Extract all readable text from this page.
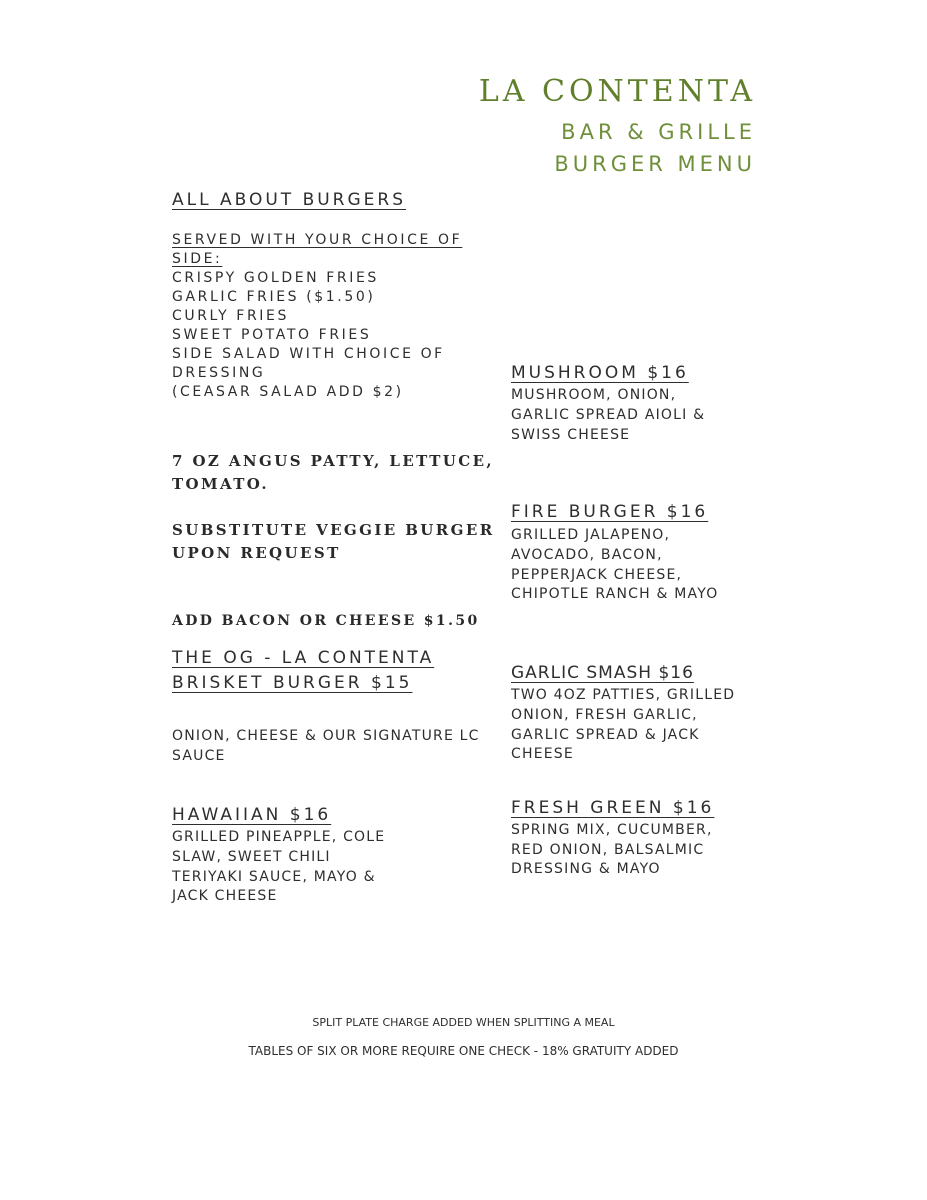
LA CONTENTA
BAR & GRILLE
BURGER MENU
ALL ABOUT BURGERS
SERVED WITH YOUR CHOICE OF
SIDE:
CRISPY GOLDEN FRIES
GARLIC FRIES ($1.50)
CURLY FRIES
SWEET POTATO FRIES
SIDE SALAD WITH CHOICE OF
DRESSING
(CEASAR SALAD ADD $2)
7 OZ ANGUS PATTY, LETTUCE,
TOMATO.
SUBSTITUTE VEGGIE BURGER
UPON REQUEST
ADD BACON OR CHEESE $1.50
THE OG - LA CONTENTA
BRISKET BURGER $15
ONION, CHEESE & OUR SIGNATURE LC
SAUCE
HAWAIIAN $16
GRILLED PINEAPPLE, COLE
SLAW, SWEET CHILI
TERIYAKI SAUCE, MAYO &
JACK CHEESE
MUSHROOM $16
MUSHROOM, ONION,
GARLIC SPREAD AIOLI &
SWISS CHEESE
FIRE BURGER $16
GRILLED JALAPENO,
AVOCADO, BACON,
PEPPERJACK CHEESE,
CHIPOTLE RANCH & MAYO
GARLIC SMASH $16
TWO 4OZ PATTIES, GRILLED
ONION, FRESH GARLIC,
GARLIC SPREAD & JACK
CHEESE
FRESH GREEN $16
SPRING MIX, CUCUMBER,
RED ONION, BALSALMIC
DRESSING & MAYO
SPLIT PLATE CHARGE ADDED WHEN SPLITTING A MEAL
TABLES OF SIX OR MORE REQUIRE ONE CHECK - 18% GRATUITY ADDED
